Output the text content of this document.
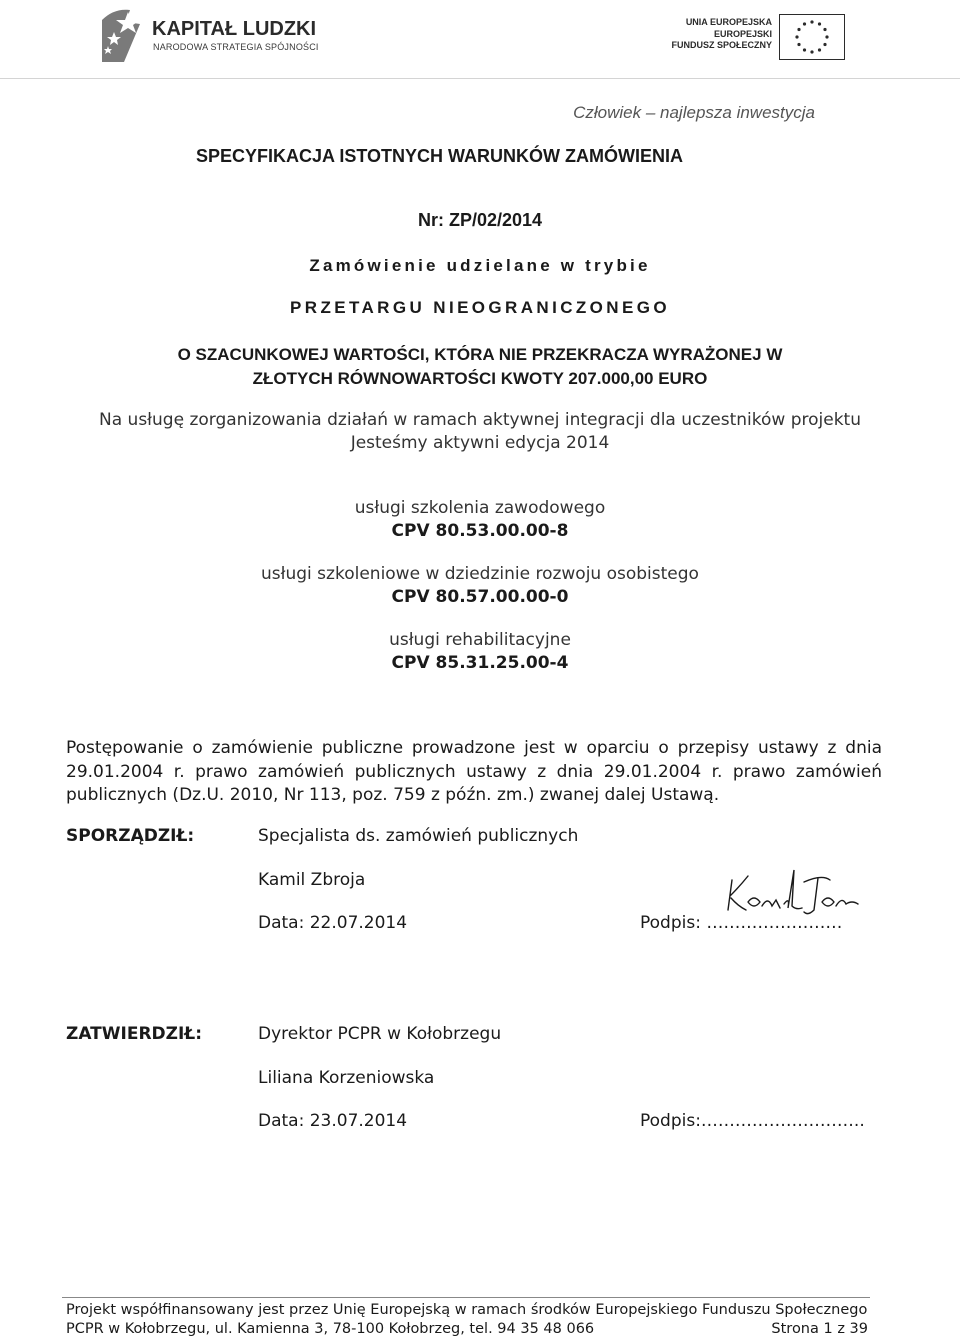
KAPITAŁ LUDZKI
NARODOWA STRATEGIA SPÓJNOŚCI
UNIA EUROPEJSKA
EUROPEJSKI
FUNDUSZ SPOŁECZNY
Człowiek – najlepsza inwestycja
SPECYFIKACJA ISTOTNYCH WARUNKÓW ZAMÓWIENIA
Nr: ZP/02/2014
Zamówienie udzielane w trybie
PRZETARGU NIEOGRANICZONEGO
O SZACUNKOWEJ WARTOŚCI, KTÓRA NIE PRZEKRACZA WYRAŻONEJ W
ZŁOTYCH RÓWNOWARTOŚCI KWOTY 207.000,00 EURO
Na usługę zorganizowania działań w ramach aktywnej integracji dla uczestników projektu
Jesteśmy aktywni edycja 2014
usługi szkolenia zawodowego
CPV 80.53.00.00-8
usługi szkoleniowe w dziedzinie rozwoju osobistego
CPV 80.57.00.00-0
usługi rehabilitacyjne
CPV 85.31.25.00-4
Postępowanie o zamówienie publiczne prowadzone jest w oparciu o przepisy ustawy z dnia 29.01.2004 r. prawo zamówień publicznych ustawy z dnia 29.01.2004 r. prawo zamówień publicznych (Dz.U. 2010, Nr 113, poz. 759 z późn. zm.) zwanej dalej Ustawą.
SPORZĄDZIŁ:	Specjalista ds. zamówień publicznych
Kamil Zbroja
Data: 22.07.2014	Podpis: ……………………
ZATWIERDZIŁ:	Dyrektor PCPR w Kołobrzegu
Liliana Korzeniowska
Data: 23.07.2014	Podpis:………………………..
Projekt współfinansowany jest przez Unię Europejską w ramach środków Europejskiego Funduszu Społecznego
PCPR w Kołobrzegu, ul. Kamienna 3, 78-100 Kołobrzeg, tel. 94 35 48 066	Strona 1 z 39
